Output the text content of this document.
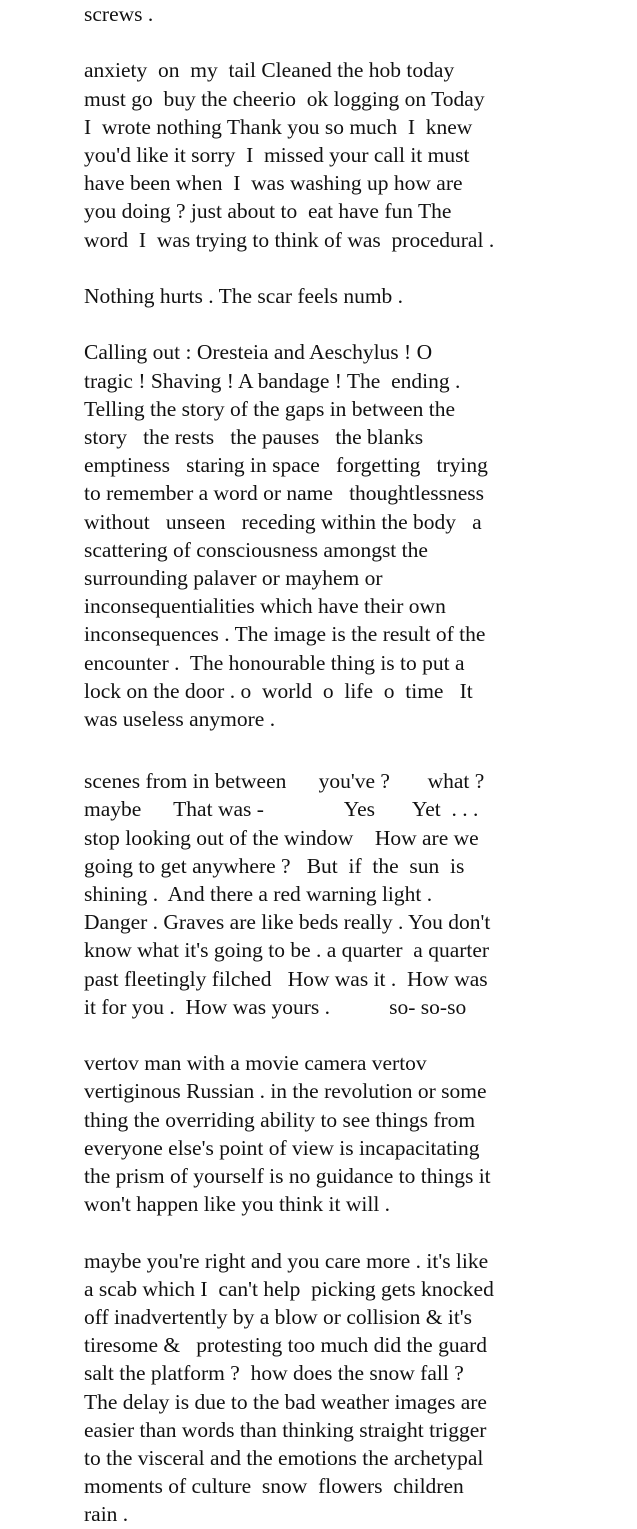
screws .

anxiety  on  my  tail Cleaned the hob today
must go  buy the cheerio  ok logging on Today
I  wrote nothing Thank you so much  I  knew
you'd like it sorry  I  missed your call it must
have been when  I  was washing up how are
you doing ? just about to  eat have fun The
word  I  was trying to think of was  procedural .

Nothing hurts . The scar feels numb .

Calling out : Oresteia and Aeschylus ! O
tragic ! Shaving ! A bandage ! The  ending .
Telling the story of the gaps in between the
story   the rests   the pauses   the blanks
emptiness   staring in space   forgetting   trying
to remember a word or name   thoughtlessness
without   unseen   receding within the body   a
scattering of consciousness amongst the
surrounding palaver or mayhem or
inconsequentialities which have their own
inconsequences . The image is the result of the
encounter .  The honourable thing is to put a
lock on the door . o  world  o  life  o  time   It
was useless anymore .

scenes from in between      you've ?       what ?
maybe      That was -               Yes       Yet  . . .
stop looking out of the window    How are we
going to get anywhere ?   But  if  the  sun  is
shining .  And there a red warning light .
Danger . Graves are like beds really . You don't
know what it's going to be . a quarter  a quarter
past fleetingly filched   How was it .  How was
it for you .  How was yours .           so- so-so

vertov man with a movie camera vertov
vertiginous Russian . in the revolution or some
thing the overriding ability to see things from
everyone else's point of view is incapacitating
the prism of yourself is no guidance to things it
won't happen like you think it will .

maybe you're right and you care more . it's like
a scab which I  can't help  picking gets knocked
off inadvertently by a blow or collision & it's
tiresome &   protesting too much did the guard
salt the platform ?  how does the snow fall ?
The delay is due to the bad weather images are
easier than words than thinking straight trigger
to the visceral and the emotions the archetypal
moments of culture  snow  flowers  children
rain .
